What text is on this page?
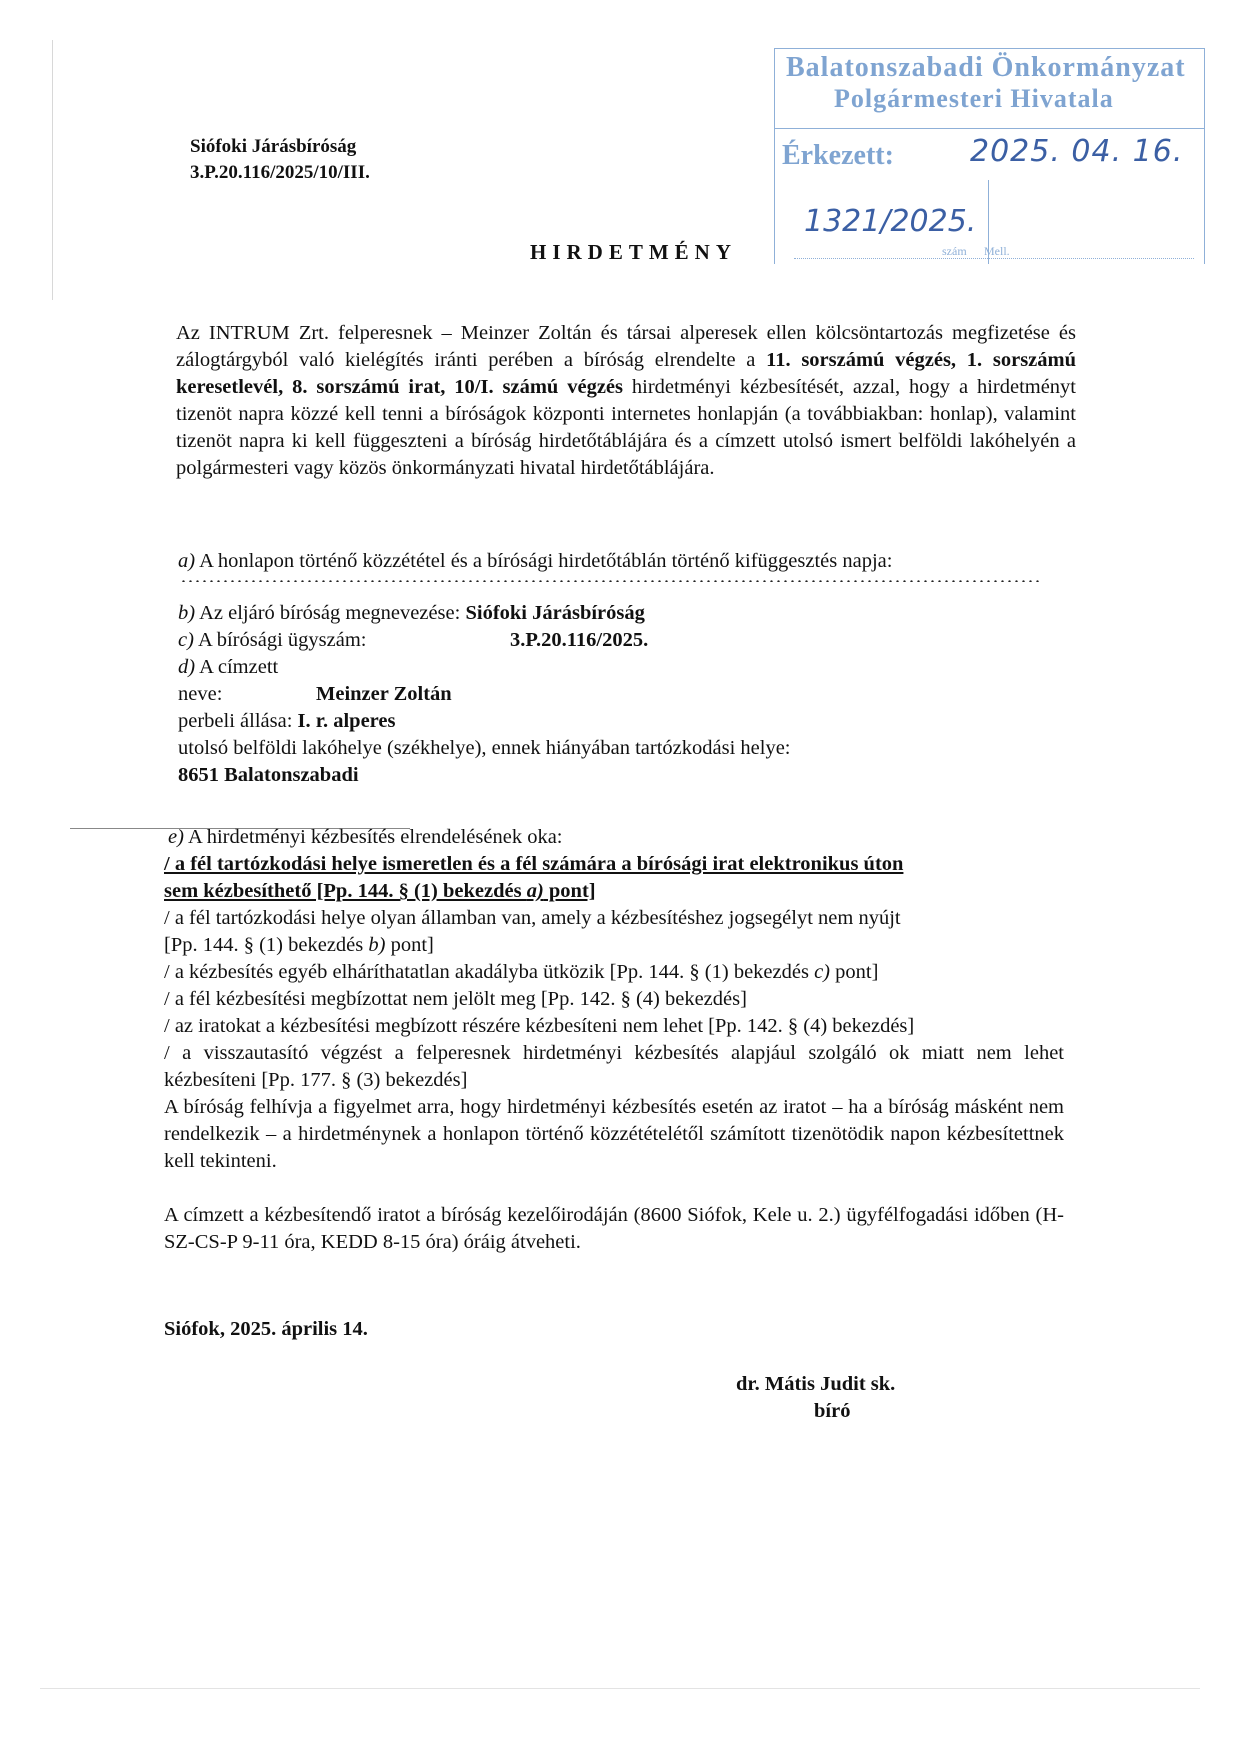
Siófoki Járásbíróság
3.P.20.116/2025/10/III.
HIRDETMÉNY
Balatonszabadi Önkormányzat
Polgármesteri Hivatala
Érkezett:	2025. 04. 16.
1321/2025.
szám Mell.
Az INTRUM Zrt. felperesnek – Meinzer Zoltán és társai alperesek ellen kölcsöntartozás megfizetése és zálogtárgyból való kielégítés iránti perében a bíróság elrendelte a 11. sorszámú végzés, 1. sorszámú keresetlevél, 8. sorszámú irat, 10/I. számú végzés hirdetményi kézbesítését, azzal, hogy a hirdetményt tizenöt napra közzé kell tenni a bíróságok központi internetes honlapján (a továbbiakban: honlap), valamint tizenöt napra ki kell függeszteni a bíróság hirdetőtáblájára és a címzett utolsó ismert belföldi lakóhelyén a polgármesteri vagy közös önkormányzati hivatal hirdetőtáblájára.
a) A honlapon történő közzététel és a bírósági hirdetőtáblán történő kifüggesztés napja:
b) Az eljáró bíróság megnevezése: Siófoki Járásbíróság
c) A bírósági ügyszám:	3.P.20.116/2025.
d) A címzett
neve:	Meinzer Zoltán
perbeli állása: I. r. alperes
utolsó belföldi lakóhelye (székhelye), ennek hiányában tartózkodási helye:
8651 Balatonszabadi
e) A hirdetményi kézbesítés elrendelésének oka:
/ a fél tartózkodási helye ismeretlen és a fél számára a bírósági irat elektronikus úton
sem kézbesíthető [Pp. 144. § (1) bekezdés a) pont]
/ a fél tartózkodási helye olyan államban van, amely a kézbesítéshez jogsegélyt nem nyújt
[Pp. 144. § (1) bekezdés b) pont]
/ a kézbesítés egyéb elháríthatatlan akadályba ütközik [Pp. 144. § (1) bekezdés c) pont]
/ a fél kézbesítési megbízottat nem jelölt meg [Pp. 142. § (4) bekezdés]
/ az iratokat a kézbesítési megbízott részére kézbesíteni nem lehet [Pp. 142. § (4) bekezdés]
/ a visszautasító végzést a felperesnek hirdetményi kézbesítés alapjául szolgáló ok miatt nem lehet kézbesíteni [Pp. 177. § (3) bekezdés]
A bíróság felhívja a figyelmet arra, hogy hirdetményi kézbesítés esetén az iratot – ha a bíróság másként nem rendelkezik – a hirdetménynek a honlapon történő közzétételétől számított tizenötödik napon kézbesítettnek kell tekinteni.
A címzett a kézbesítendő iratot a bíróság kezelőirodáján (8600 Siófok, Kele u. 2.) ügyfélfogadási időben (H-SZ-CS-P 9-11 óra, KEDD 8-15 óra) óráig átveheti.
Siófok, 2025. április 14.
dr. Mátis Judit sk.
bíró
